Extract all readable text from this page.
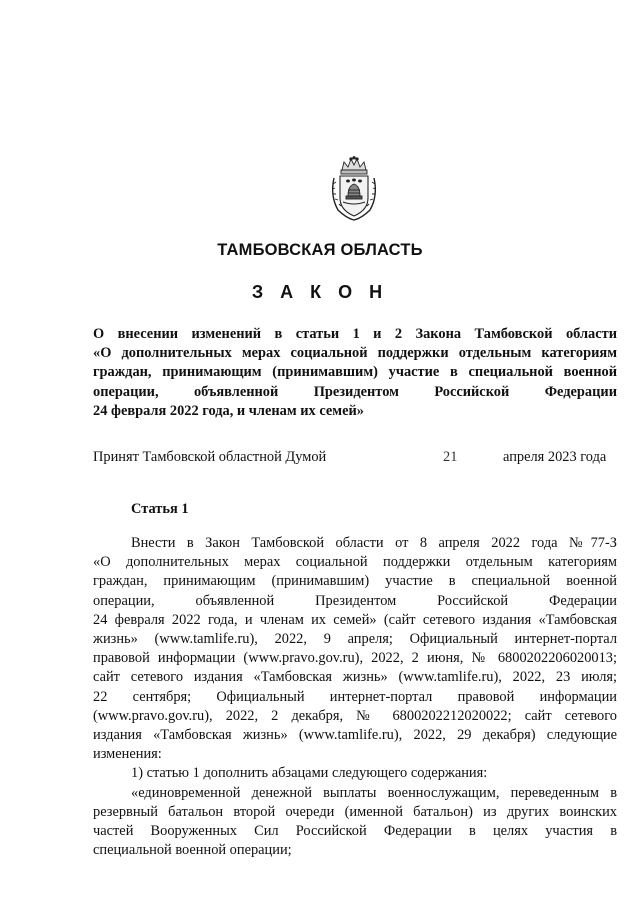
ТАМБОВСКАЯ ОБЛАСТЬ
З А К О Н
О внесении изменений в статьи 1 и 2 Закона Тамбовской области
«О дополнительных мерах социальной поддержки отдельным категориям
граждан, принимающим (принимавшим) участие в специальной военной
операции, объявленной Президентом Российской Федерации
24 февраля 2022 года, и членам их семей»
Принят Тамбовской областной Думой	21	апреля 2023 года
Статья 1
Внести в Закон Тамбовской области от 8 апреля 2022 года №77-З
«О дополнительных мерах социальной поддержки отдельным категориям
граждан, принимающим (принимавшим) участие в специальной военной
операции, объявленной Президентом Российской Федерации
24 февраля 2022 года, и членам их семей» (сайт сетевого издания «Тамбовская
жизнь» (www.tamlife.ru), 2022, 9 апреля; Официальный интернет-портал
правовой информации (www.pravo.gov.ru), 2022, 2 июня, № 6800202206020013;
сайт сетевого издания «Тамбовская жизнь» (www.tamlife.ru), 2022, 23 июля;
22 сентября; Официальный интернет-портал правовой информации
(www.pravo.gov.ru), 2022, 2 декабря, № 6800202212020022; сайт сетевого
издания «Тамбовская жизнь» (www.tamlife.ru), 2022, 29 декабря) следующие
изменения:
1) статью 1 дополнить абзацами следующего содержания:
«единовременной денежной выплаты военнослужащим, переведенным в
резервный батальон второй очереди (именной батальон) из других воинских
частей Вооруженных Сил Российской Федерации в целях участия в
специальной военной операции;
